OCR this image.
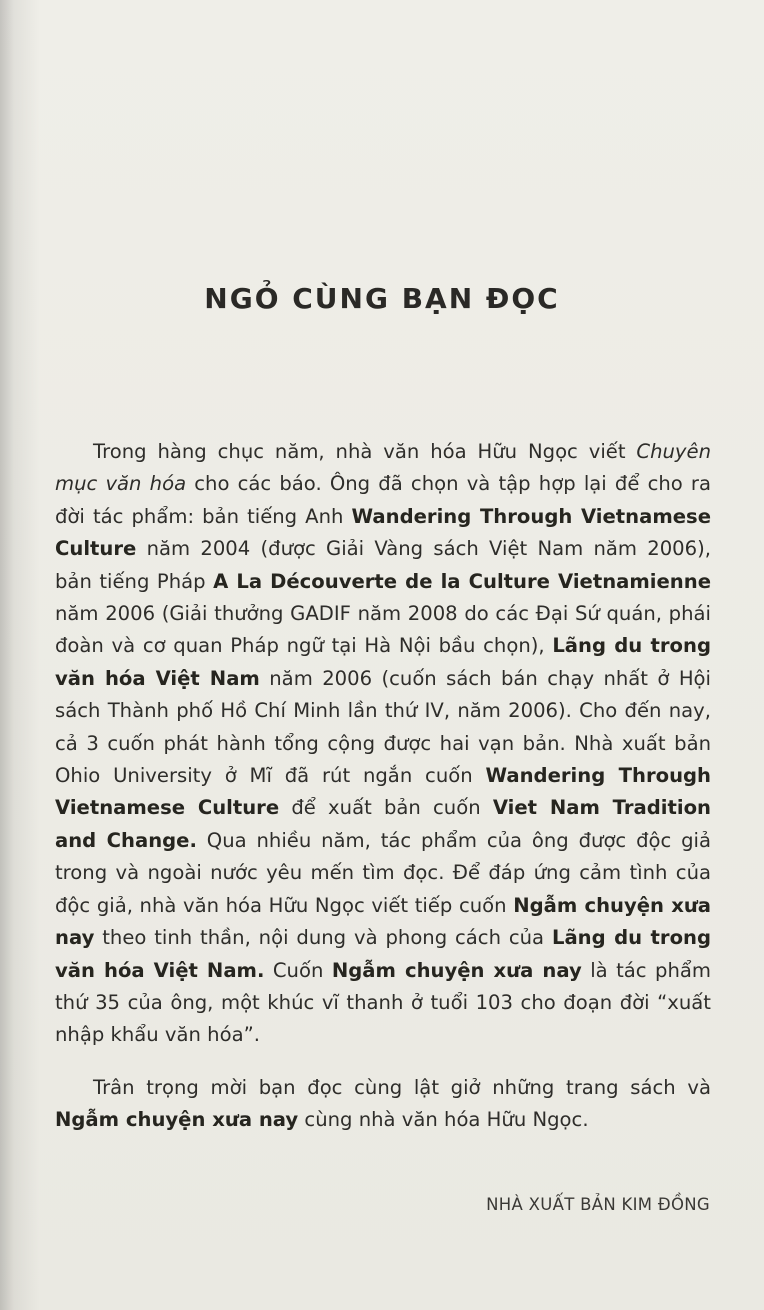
NGỎ CÙNG BẠN ĐỌC

Trong hàng chục năm, nhà văn hóa Hữu Ngọc viết Chuyên mục văn hóa cho các báo. Ông đã chọn và tập hợp lại để cho ra đời tác phẩm: bản tiếng Anh Wandering Through Vietnamese Culture năm 2004 (được Giải Vàng sách Việt Nam năm 2006), bản tiếng Pháp A La Découverte de la Culture Vietnamienne năm 2006 (Giải thưởng GADIF năm 2008 do các Đại Sứ quán, phái đoàn và cơ quan Pháp ngữ tại Hà Nội bầu chọn), Lãng du trong văn hóa Việt Nam năm 2006 (cuốn sách bán chạy nhất ở Hội sách Thành phố Hồ Chí Minh lần thứ IV, năm 2006). Cho đến nay, cả 3 cuốn phát hành tổng cộng được hai vạn bản. Nhà xuất bản Ohio University ở Mĩ đã rút ngắn cuốn Wandering Through Vietnamese Culture để xuất bản cuốn Viet Nam Tradition and Change. Qua nhiều năm, tác phẩm của ông được độc giả trong và ngoài nước yêu mến tìm đọc. Để đáp ứng cảm tình của độc giả, nhà văn hóa Hữu Ngọc viết tiếp cuốn Ngẫm chuyện xưa nay theo tinh thần, nội dung và phong cách của Lãng du trong văn hóa Việt Nam. Cuốn Ngẫm chuyện xưa nay là tác phẩm thứ 35 của ông, một khúc vĩ thanh ở tuổi 103 cho đoạn đời “xuất nhập khẩu văn hóa”.

Trân trọng mời bạn đọc cùng lật giở những trang sách và Ngẫm chuyện xưa nay cùng nhà văn hóa Hữu Ngọc.

NHÀ XUẤT BẢN KIM ĐỒNG
